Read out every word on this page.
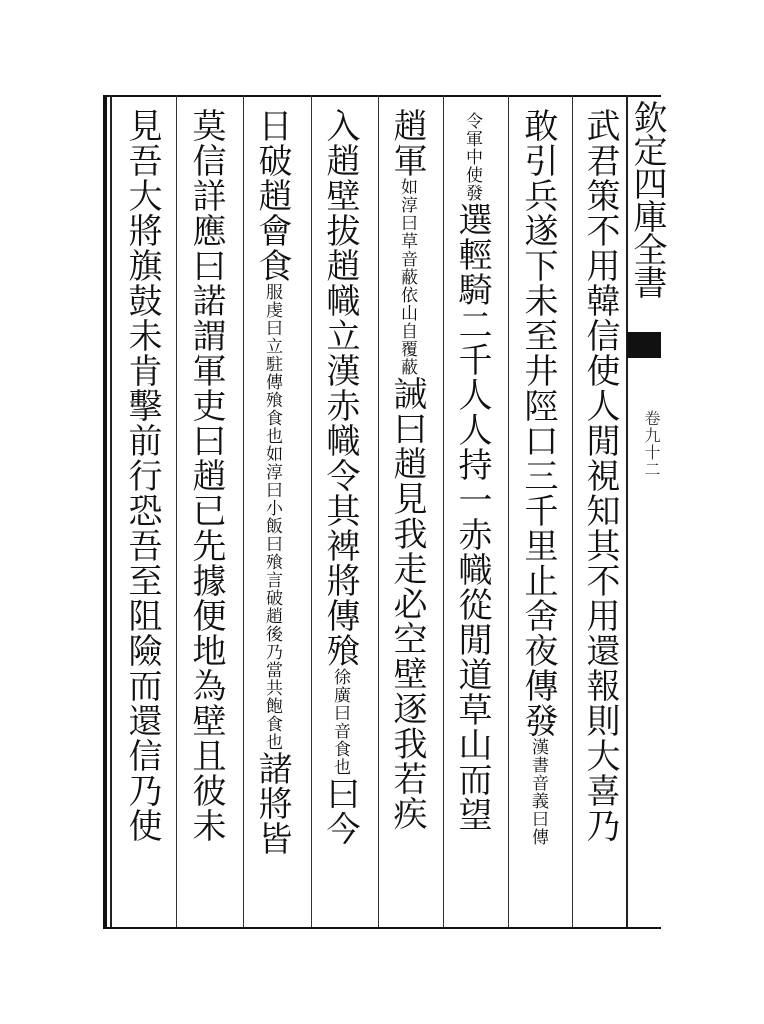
欽定四庫全書
卷九十二
武君策不用韓信使人閒視知其不用還報則大喜乃
敢引兵遂下未至井陘口三千里止舍夜傳發漢書音義曰傳
令軍中使發選輕騎二千人人持一赤幟從閒道草山而望
趙軍如淳曰草音蔽依山自覆蔽誡曰趙見我走必空壁逐我若疾
入趙壁拔趙幟立漢赤幟令其裨將傳飱徐廣曰音食也曰今
日破趙會食服虔曰立駐傳飱食也如淳曰小飯曰飱言破趙後乃當共飽食也諸將皆
莫信詳應曰諾謂軍吏曰趙已先據便地為壁且彼未
見吾大將旗鼓未肯擊前行恐吾至阻險而還信乃使
